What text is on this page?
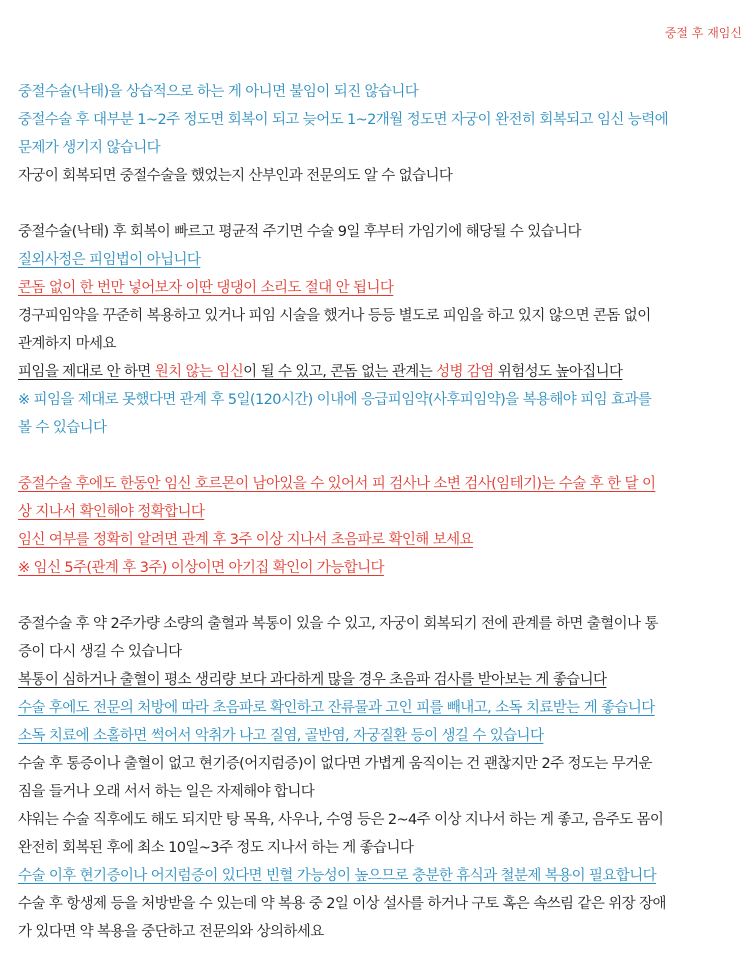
중절 후 재임신
중절수술(낙태)을 상습적으로 하는 게 아니면 불임이 되진 않습니다
중절수술 후 대부분 1~2주 정도면 회복이 되고 늦어도 1~2개월 정도면 자궁이 완전히 회복되고 임신 능력에
문제가 생기지 않습니다
자궁이 회복되면 중절수술을 했었는지 산부인과 전문의도 알 수 없습니다
중절수술(낙태) 후 회복이 빠르고 평균적 주기면 수술 9일 후부터 가임기에 해당될 수 있습니다
질외사정은 피임법이 아닙니다
콘돔 없이 한 번만 넣어보자 이딴 댕댕이 소리도 절대 안 됩니다
경구피임약을 꾸준히 복용하고 있거나 피임 시술을 했거나 등등 별도로 피임을 하고 있지 않으면 콘돔 없이
관계하지 마세요
피임을 제대로 안 하면 원치 않는 임신이 될 수 있고, 콘돔 없는 관계는 성병 감염 위험성도 높아집니다
※ 피임을 제대로 못했다면 관계 후 5일(120시간) 이내에 응급피임약(사후피임약)을 복용해야 피임 효과를
볼 수 있습니다
중절수술 후에도 한동안 임신 호르몬이 남아있을 수 있어서 피 검사나 소변 검사(임테기)는 수술 후 한 달 이
상 지나서 확인해야 정확합니다
임신 여부를 정확히 알려면 관계 후 3주 이상 지나서 초음파로 확인해 보세요
※ 임신 5주(관계 후 3주) 이상이면 아기집 확인이 가능합니다
중절수술 후 약 2주가량 소량의 출혈과 복통이 있을 수 있고, 자궁이 회복되기 전에 관계를 하면 출혈이나 통
증이 다시 생길 수 있습니다
복통이 심하거나 출혈이 평소 생리량 보다 과다하게 많을 경우 초음파 검사를 받아보는 게 좋습니다
수술 후에도 전문의 처방에 따라 초음파로 확인하고 잔류물과 고인 피를 빼내고, 소독 치료받는 게 좋습니다
소독 치료에 소홀하면 썩어서 악취가 나고 질염, 골반염, 자궁질환 등이 생길 수 있습니다
수술 후 통증이나 출혈이 없고 현기증(어지럼증)이 없다면 가볍게 움직이는 건 괜찮지만 2주 정도는 무거운
짐을 들거나 오래 서서 하는 일은 자제해야 합니다
샤워는 수술 직후에도 해도 되지만 탕 목욕, 사우나, 수영 등은 2~4주 이상 지나서 하는 게 좋고, 음주도 몸이
완전히 회복된 후에 최소 10일~3주 정도 지나서 하는 게 좋습니다
수술 이후 현기증이나 어지럼증이 있다면 빈혈 가능성이 높으므로 충분한 휴식과 철분제 복용이 필요합니다
수술 후 항생제 등을 처방받을 수 있는데 약 복용 중 2일 이상 설사를 하거나 구토 혹은 속쓰림 같은 위장 장애
가 있다면 약 복용을 중단하고 전문의와 상의하세요
